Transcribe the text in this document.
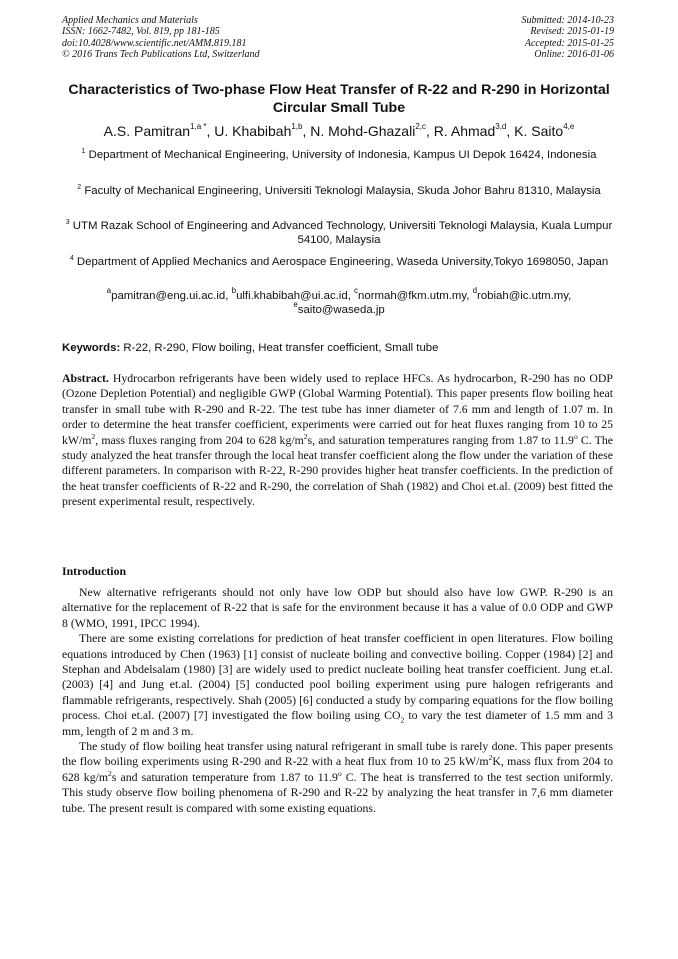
Applied Mechanics and Materials
ISSN: 1662-7482, Vol. 819, pp 181-185
doi:10.4028/www.scientific.net/AMM.819.181
© 2016 Trans Tech Publications Ltd, Switzerland
Submitted: 2014-10-23
Revised: 2015-01-19
Accepted: 2015-01-25
Online: 2016-01-06
Characteristics of Two-phase Flow Heat Transfer of R-22 and R-290 in Horizontal Circular Small Tube
A.S. Pamitran$^{1,a *}$, U. Khabibah$^{1,b}$, N. Mohd-Ghazali$^{2,c}$, R. Ahmad$^{3,d}$, K. Saito$^{4,e}$
$^1$ Department of Mechanical Engineering, University of Indonesia, Kampus UI Depok 16424, Indonesia
$^2$ Faculty of Mechanical Engineering, Universiti Teknologi Malaysia, Skuda Johor Bahru 81310, Malaysia
$^3$ UTM Razak School of Engineering and Advanced Technology, Universiti Teknologi Malaysia, Kuala Lumpur 54100, Malaysia
$^4$ Department of Applied Mechanics and Aerospace Engineering, Waseda University,Tokyo 1698050, Japan
$^a$pamitran@eng.ui.ac.id, $^b$ulfi.khabibah@ui.ac.id, $^c$normah@fkm.utm.my, $^d$robiah@ic.utm.my,
$^e$saito@waseda.jp
Keywords: R-22, R-290, Flow boiling, Heat transfer coefficient, Small tube
Abstract. Hydrocarbon refrigerants have been widely used to replace HFCs. As hydrocarbon, R-290 has no ODP (Ozone Depletion Potential) and negligible GWP (Global Warming Potential). This paper presents flow boiling heat transfer in small tube with R-290 and R-22. The test tube has inner diameter of 7.6 mm and length of 1.07 m. In order to determine the heat transfer coefficient, experiments were carried out for heat fluxes ranging from 10 to 25 $kW/m^2$, mass fluxes ranging from 204 to 628 $kg/m^2s$, and saturation temperatures ranging from 1.87 to 11.9$^o$ C. The study analyzed the heat transfer through the local heat transfer coefficient along the flow under the variation of these different parameters. In comparison with R-22, R-290 provides higher heat transfer coefficients. In the prediction of the heat transfer coefficients of R-22 and R-290, the correlation of Shah (1982) and Choi et.al. (2009) best fitted the present experimental result, respectively.
Introduction

New alternative refrigerants should not only have low ODP but should also have low GWP. R-290 is an alternative for the replacement of R-22 that is safe for the environment because it has a value of 0.0 ODP and GWP 8 (WMO, 1991, IPCC 1994).

There are some existing correlations for prediction of heat transfer coefficient in open literatures. Flow boiling equations introduced by Chen (1963) [1] consist of nucleate boiling and convective boiling. Copper (1984) [2] and Stephan and Abdelsalam (1980) [3] are widely used to predict nucleate boiling heat transfer coefficient. Jung et.al. (2003) [4] and Jung et.al. (2004) [5] conducted pool boiling experiment using pure halogen refrigerants and flammable refrigerants, respectively. Shah (2005) [6] conducted a study by comparing equations for the flow boiling process. Choi et.al. (2007) [7] investigated the flow boiling using $CO_2$ to vary the test diameter of 1.5 mm and 3 mm, length of 2 m and 3 m.

The study of flow boiling heat transfer using natural refrigerant in small tube is rarely done. This paper presents the flow boiling experiments using R-290 and R-22 with a heat flux from 10 to 25 $kW/m^2K$, mass flux from 204 to 628 $kg/m^2s$ and saturation temperature from 1.87 to 11.9$^o$ C. The heat is transferred to the test section uniformly. This study observe flow boiling phenomena of R-290 and R-22 by analyzing the heat transfer in 7,6 mm diameter tube. The present result is compared with some existing equations.
